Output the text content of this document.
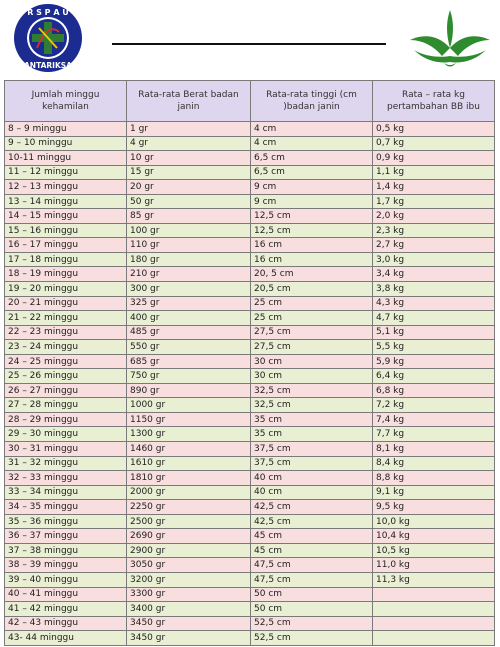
R S P A U
ANTARIKSA
Jumlah minggu kehamilan	Rata-rata Berat badan janin	Rata-rata tinggi (cm )badan janin	Rata – rata kg pertambahan BB ibu
8 – 9 minggu	1 gr	4 cm	0,5 kg
9 – 10 minggu	4 gr	4 cm	0,7 kg
10-11 minggu	10 gr	6,5 cm	0,9 kg
11 – 12 minggu	15 gr	6,5 cm	1,1 kg
12 – 13 minggu	20 gr	9 cm	1,4 kg
13 – 14 minggu	50 gr	9 cm	1,7 kg
14 – 15 minggu	85 gr	12,5 cm	2,0 kg
15 – 16 minggu	100 gr	12,5 cm	2,3 kg
16 – 17 minggu	110 gr	16 cm	2,7 kg
17 – 18 minggu	180 gr	16 cm	3,0 kg
18 – 19 minggu	210 gr	20, 5 cm	3,4 kg
19 – 20 minggu	300 gr	20,5 cm	3,8 kg
20 – 21 minggu	325 gr	25 cm	4,3 kg
21 – 22 minggu	400 gr	25 cm	4,7 kg
22 – 23 minggu	485 gr	27,5 cm	5,1 kg
23 – 24 minggu	550 gr	27,5 cm	5,5 kg
24 – 25 minggu	685 gr	30 cm	5,9 kg
25 – 26 minggu	750 gr	30 cm	6,4 kg
26 – 27 minggu	890 gr	32,5 cm	6,8 kg
27 – 28 minggu	1000 gr	32,5 cm	7,2 kg
28 – 29 minggu	1150 gr	35 cm	7,4 kg
29 – 30 minggu	1300 gr	35 cm	7,7 kg
30 – 31 minggu	1460 gr	37,5 cm	8,1 kg
31 – 32 minggu	1610 gr	37,5 cm	8,4 kg
32 – 33 minggu	1810 gr	40 cm	8,8 kg
33 – 34 minggu	2000 gr	40 cm	9,1 kg
34 – 35 minggu	2250 gr	42,5 cm	9,5 kg
35 – 36 minggu	2500 gr	42,5 cm	10,0 kg
36 – 37 minggu	2690 gr	45 cm	10,4 kg
37 – 38 minggu	2900 gr	45 cm	10,5 kg
38 – 39 minggu	3050 gr	47,5 cm	11,0 kg
39 – 40 minggu	3200 gr	47,5 cm	11,3 kg
40 – 41 minggu	3300 gr	50 cm	
41 – 42 minggu	3400 gr	50 cm	
42 – 43 minggu	3450 gr	52,5 cm	
43- 44 minggu	3450 gr	52,5 cm	
